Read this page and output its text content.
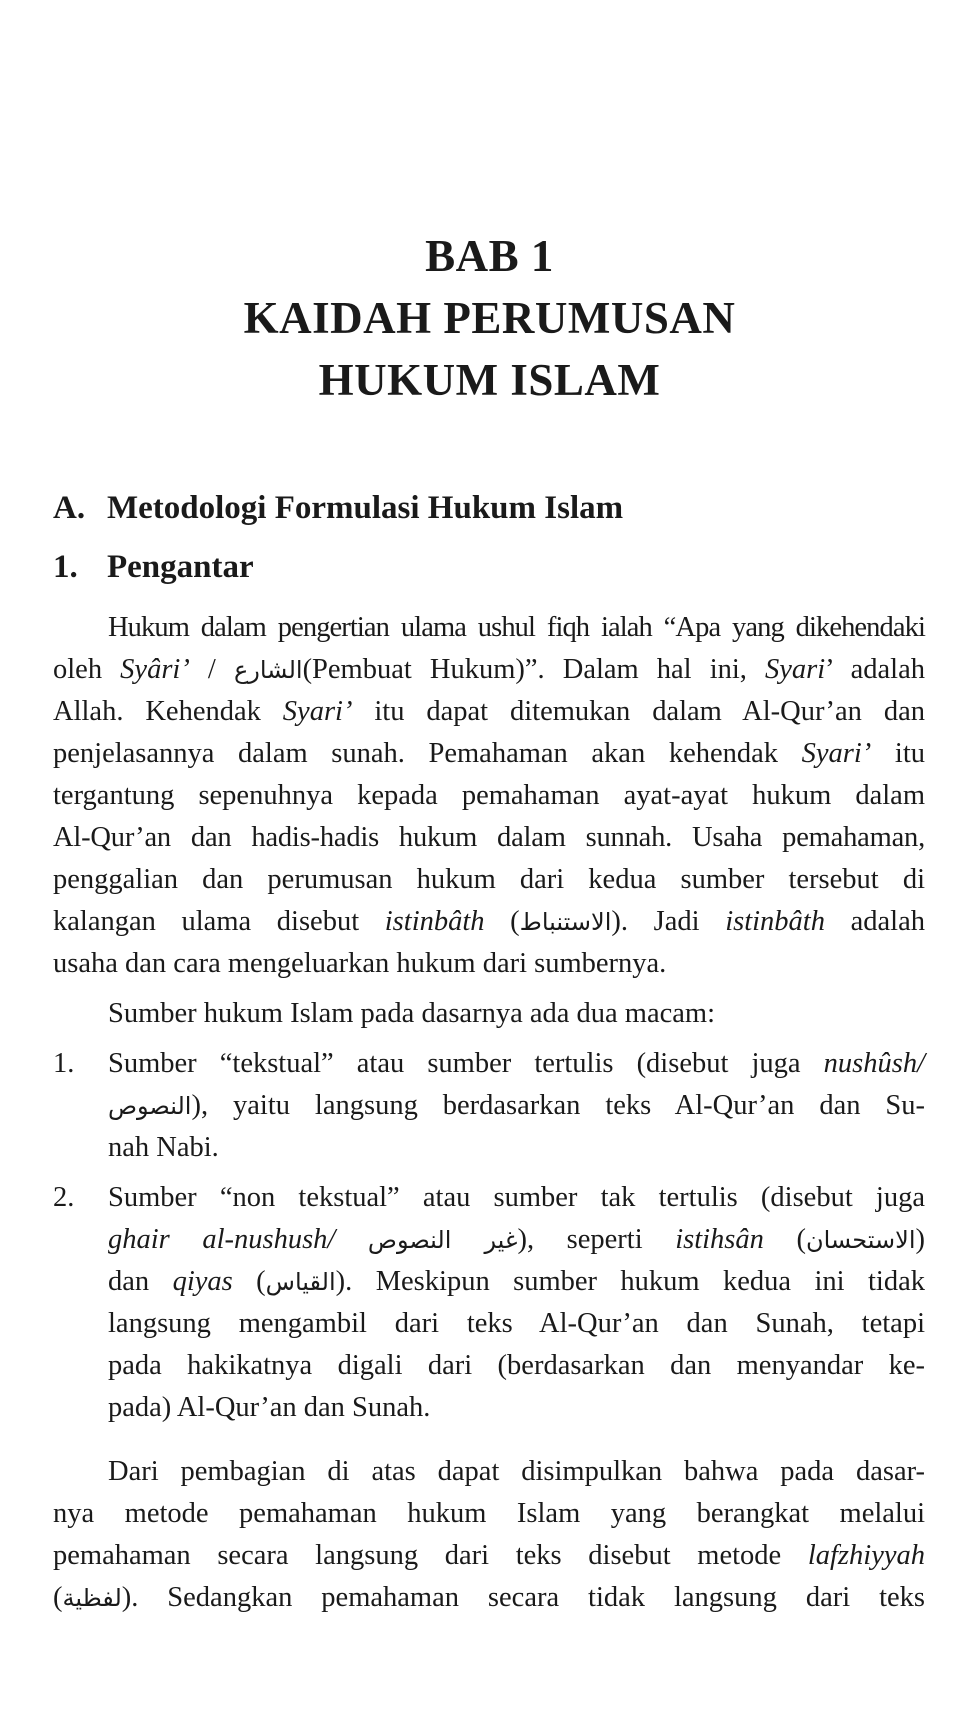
BAB 1
KAIDAH PERUMUSAN
HUKUM ISLAM
A. Metodologi Formulasi Hukum Islam
1. Pengantar
Hukum dalam pengertian ulama ushul fiqh ialah “Apa yang dikehendaki
oleh Syâri’ / الشارع(Pembuat Hukum)”. Dalam hal ini, Syari’ adalah
Allah. Kehendak Syari’ itu dapat ditemukan dalam Al-Qur’an dan
penjelasannya dalam sunah. Pemahaman akan kehendak Syari’ itu
tergantung sepenuhnya kepada pemahaman ayat-ayat hukum dalam
Al-Qur’an dan hadis-hadis hukum dalam sunnah. Usaha pemahaman,
penggalian dan perumusan hukum dari kedua sumber tersebut di
kalangan ulama disebut istinbâth (الاستنباط). Jadi istinbâth adalah
usaha dan cara mengeluarkan hukum dari sumbernya.
Sumber hukum Islam pada dasarnya ada dua macam:
1. Sumber “tekstual” atau sumber tertulis (disebut juga nushûsh/
النصوص), yaitu langsung berdasarkan teks Al-Qur’an dan Su-
nah Nabi.
2. Sumber “non tekstual” atau sumber tak tertulis (disebut juga
ghair al-nushush/ غير النصوص), seperti istihsân (الاستحسان)
dan qiyas (القياس). Meskipun sumber hukum kedua ini tidak
langsung mengambil dari teks Al-Qur’an dan Sunah, tetapi
pada hakikatnya digali dari (berdasarkan dan menyandar ke-
pada) Al-Qur’an dan Sunah.
Dari pembagian di atas dapat disimpulkan bahwa pada dasar-
nya metode pemahaman hukum Islam yang berangkat melalui
pemahaman secara langsung dari teks disebut metode lafzhiyyah
(لفظية). Sedangkan pemahaman secara tidak langsung dari teks
